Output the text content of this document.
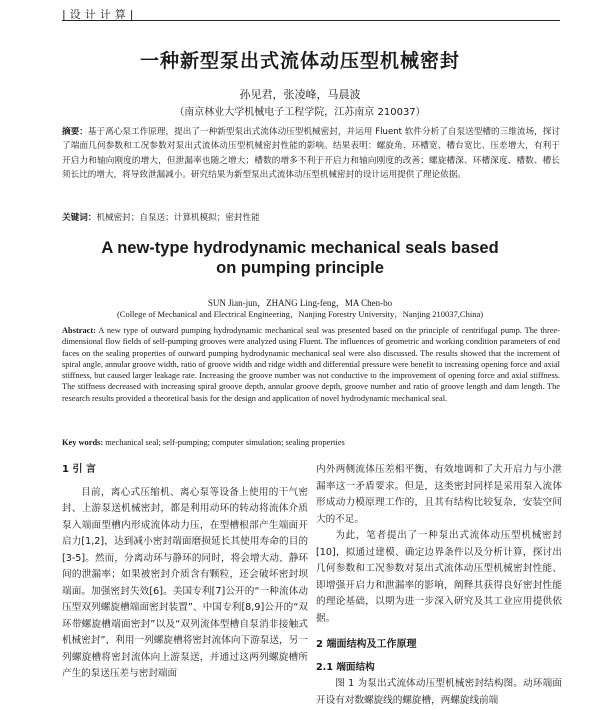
|设计计算|
一种新型泵出式流体动压型机械密封
孙见君，张凌峰，马晨波
（南京林业大学机械电子工程学院，江苏南京 210037）
摘要：基于离心泵工作原理，提出了一种新型泵出式流体动压型机械密封，并运用 Fluent 软件分析了自泵送型槽的三维流场，探讨了端面几何参数和工况参数对泵出式流体动压型机械密封性能的影响。结果表明：螺旋角、环槽宽、槽台宽比、压差增大，有利于开启力和轴向刚度的增大，但泄漏率也随之增大；槽数的增多不利于开启力和轴向刚度的改善；螺旋槽深、环槽深度、槽数、槽长须长比的增大，将导致泄漏减小。研究结果为新型泵出式流体动压型机械密封的设计运用提供了理论依据。
关键词：机械密封；自泵送；计算机模拟；密封性能
A new-type hydrodynamic mechanical seals based
on pumping principle
SUN Jian-jun，ZHANG Ling-feng，MA Chen-bo
(College of Mechanical and Electrical Engineering，Nanjing Forestry University，Nanjing 210037,China)
Abstract: A new type of outward pumping hydrodynamic mechanical seal was presented based on the principle of centrifugal pump. The three-dimensional flow fields of self-pumping grooves were analyzed using Fluent. The influences of geometric and working condition parameters of end faces on the sealing properties of outward pumping hydrodynamic mechanical seal were also discussed. The results showed that the increment of spiral angle, annular groove width, ratio of groove width and ridge width and differential pressure were benefit to increasing opening force and axial stiffness, but caused larger leakage rate. Increasing the groove number was not conductive to the improvement of opening force and axial stiffness. The stiffness decreased with increasing spiral groove depth, annular groove depth, groove number and ratio of groove length and dam length. The research results provided a theoretical basis for the design and application of novel hydrodynamic mechanical seal.
Key words: mechanical seal; self-pumping; computer simulation; sealing properties
1 引 言

目前，离心式压缩机、离心泵等设备上使用的干气密封、上游泵送机械密封，都是利用动环的转动将流体介质泵入端面型槽内形成流体动力压，在型槽根部产生端面开启力[1,2]，达到减小密封端面磨损延长其使用寿命的目的[3-5]。然而，分离动环与静环的同时，将会增大动、静环间的泄漏率；如果被密封介质含有颗粒，还会破坏密封坝端面。加强密封失效[6]。美国专利[7]公开的“一种流体动压型双列螺旋槽端面密封装置”、中国专利[8,9]公开的“双环带螺旋槽端面密封”以及“双列流体型槽自泵消非接触式机械密封”，利用一列螺旋槽将密封流体向下游泵送，另一列螺旋槽将密封流体向上游泵送，并通过这两列螺旋槽所产生的泵送压差与密封端面

内外两侧流体压差相平衡，有效地调和了大开启力与小泄漏率这一矛盾要求。但是，这类密封同样是采用泵入流体形成动力模原理工作的，且其有结构比较复杂，安装空间大的不足。

为此，笔者提出了一种泵出式流体动压型机械密封[10]，拟通过建模、确定边界条件以及分析计算，探讨出几何参数和工况参数对泵出式流体动压型机械密封性能、即增强开启力和泄漏率的影响，阐释其获得良好密封性能的理论基础，以期为进一步深入研究及其工业应用提供依据。

2 端面结构及工作原理
2.1 端面结构

图 1 为泵出式流体动压型机械密封结构图。动环端面开设有对数螺旋线的螺旋槽，两螺旋线前端
